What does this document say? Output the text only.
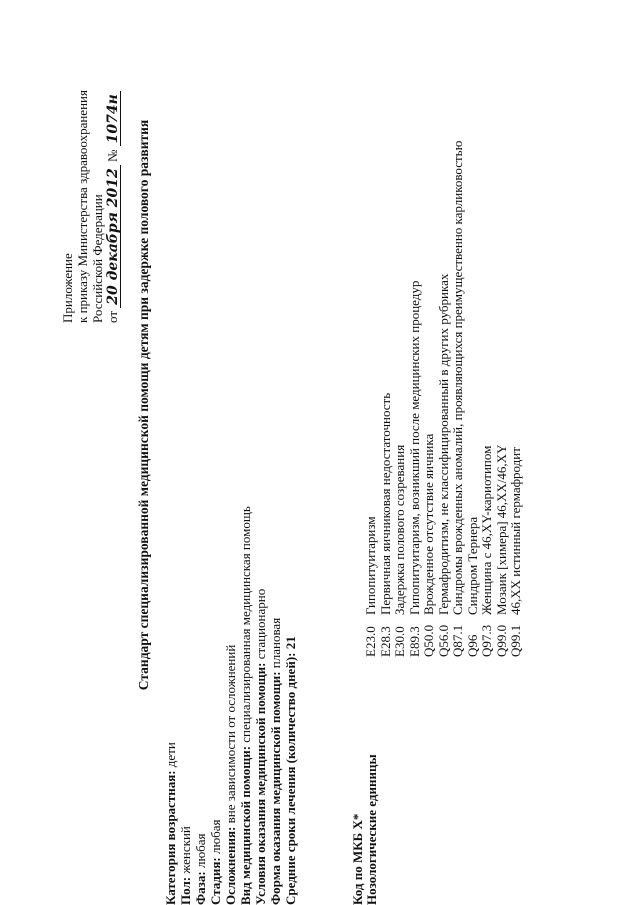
Приложение к приказу Министерства здравоохранения Российской Федерации от 20 декабря 2012 № 1074н
Стандарт специализированной медицинской помощи детям при задержке полового развития
Категория возрастная: дети
Пол: женский
Фаза: любая
Стадия: любая Осложнения: вне зависимости от осложнений Вид медицинской помощи: специализированная медицинская помощь
Условия оказания медицинской помощи: стационарно
Форма оказания медицинской помощи: плановая
Средние сроки лечения (количество дней): 21
Код по МКБ X* Нозологические единицы
E23.0Гипопитуитаризм
E28.3Первичная яичниковая недостаточность
E30.0Задержка полового созревания
E89.3Гипопитуитаризм, возникший после медицинских процедур
Q50.0Врожденное отсутствие яичника
Q56.0Гермафродитизм, не классифицированный в других рубриках
Q87.1Синдромы врожденных аномалий, проявляющихся преимущественно карликовостью
Q96Синдром Тернера
Q97.3Женщина с 46,XY-кариотипом
Q99.0Мозаик [химера] 46,XX/46,XY
Q99.146,XX истинный гермафродит
